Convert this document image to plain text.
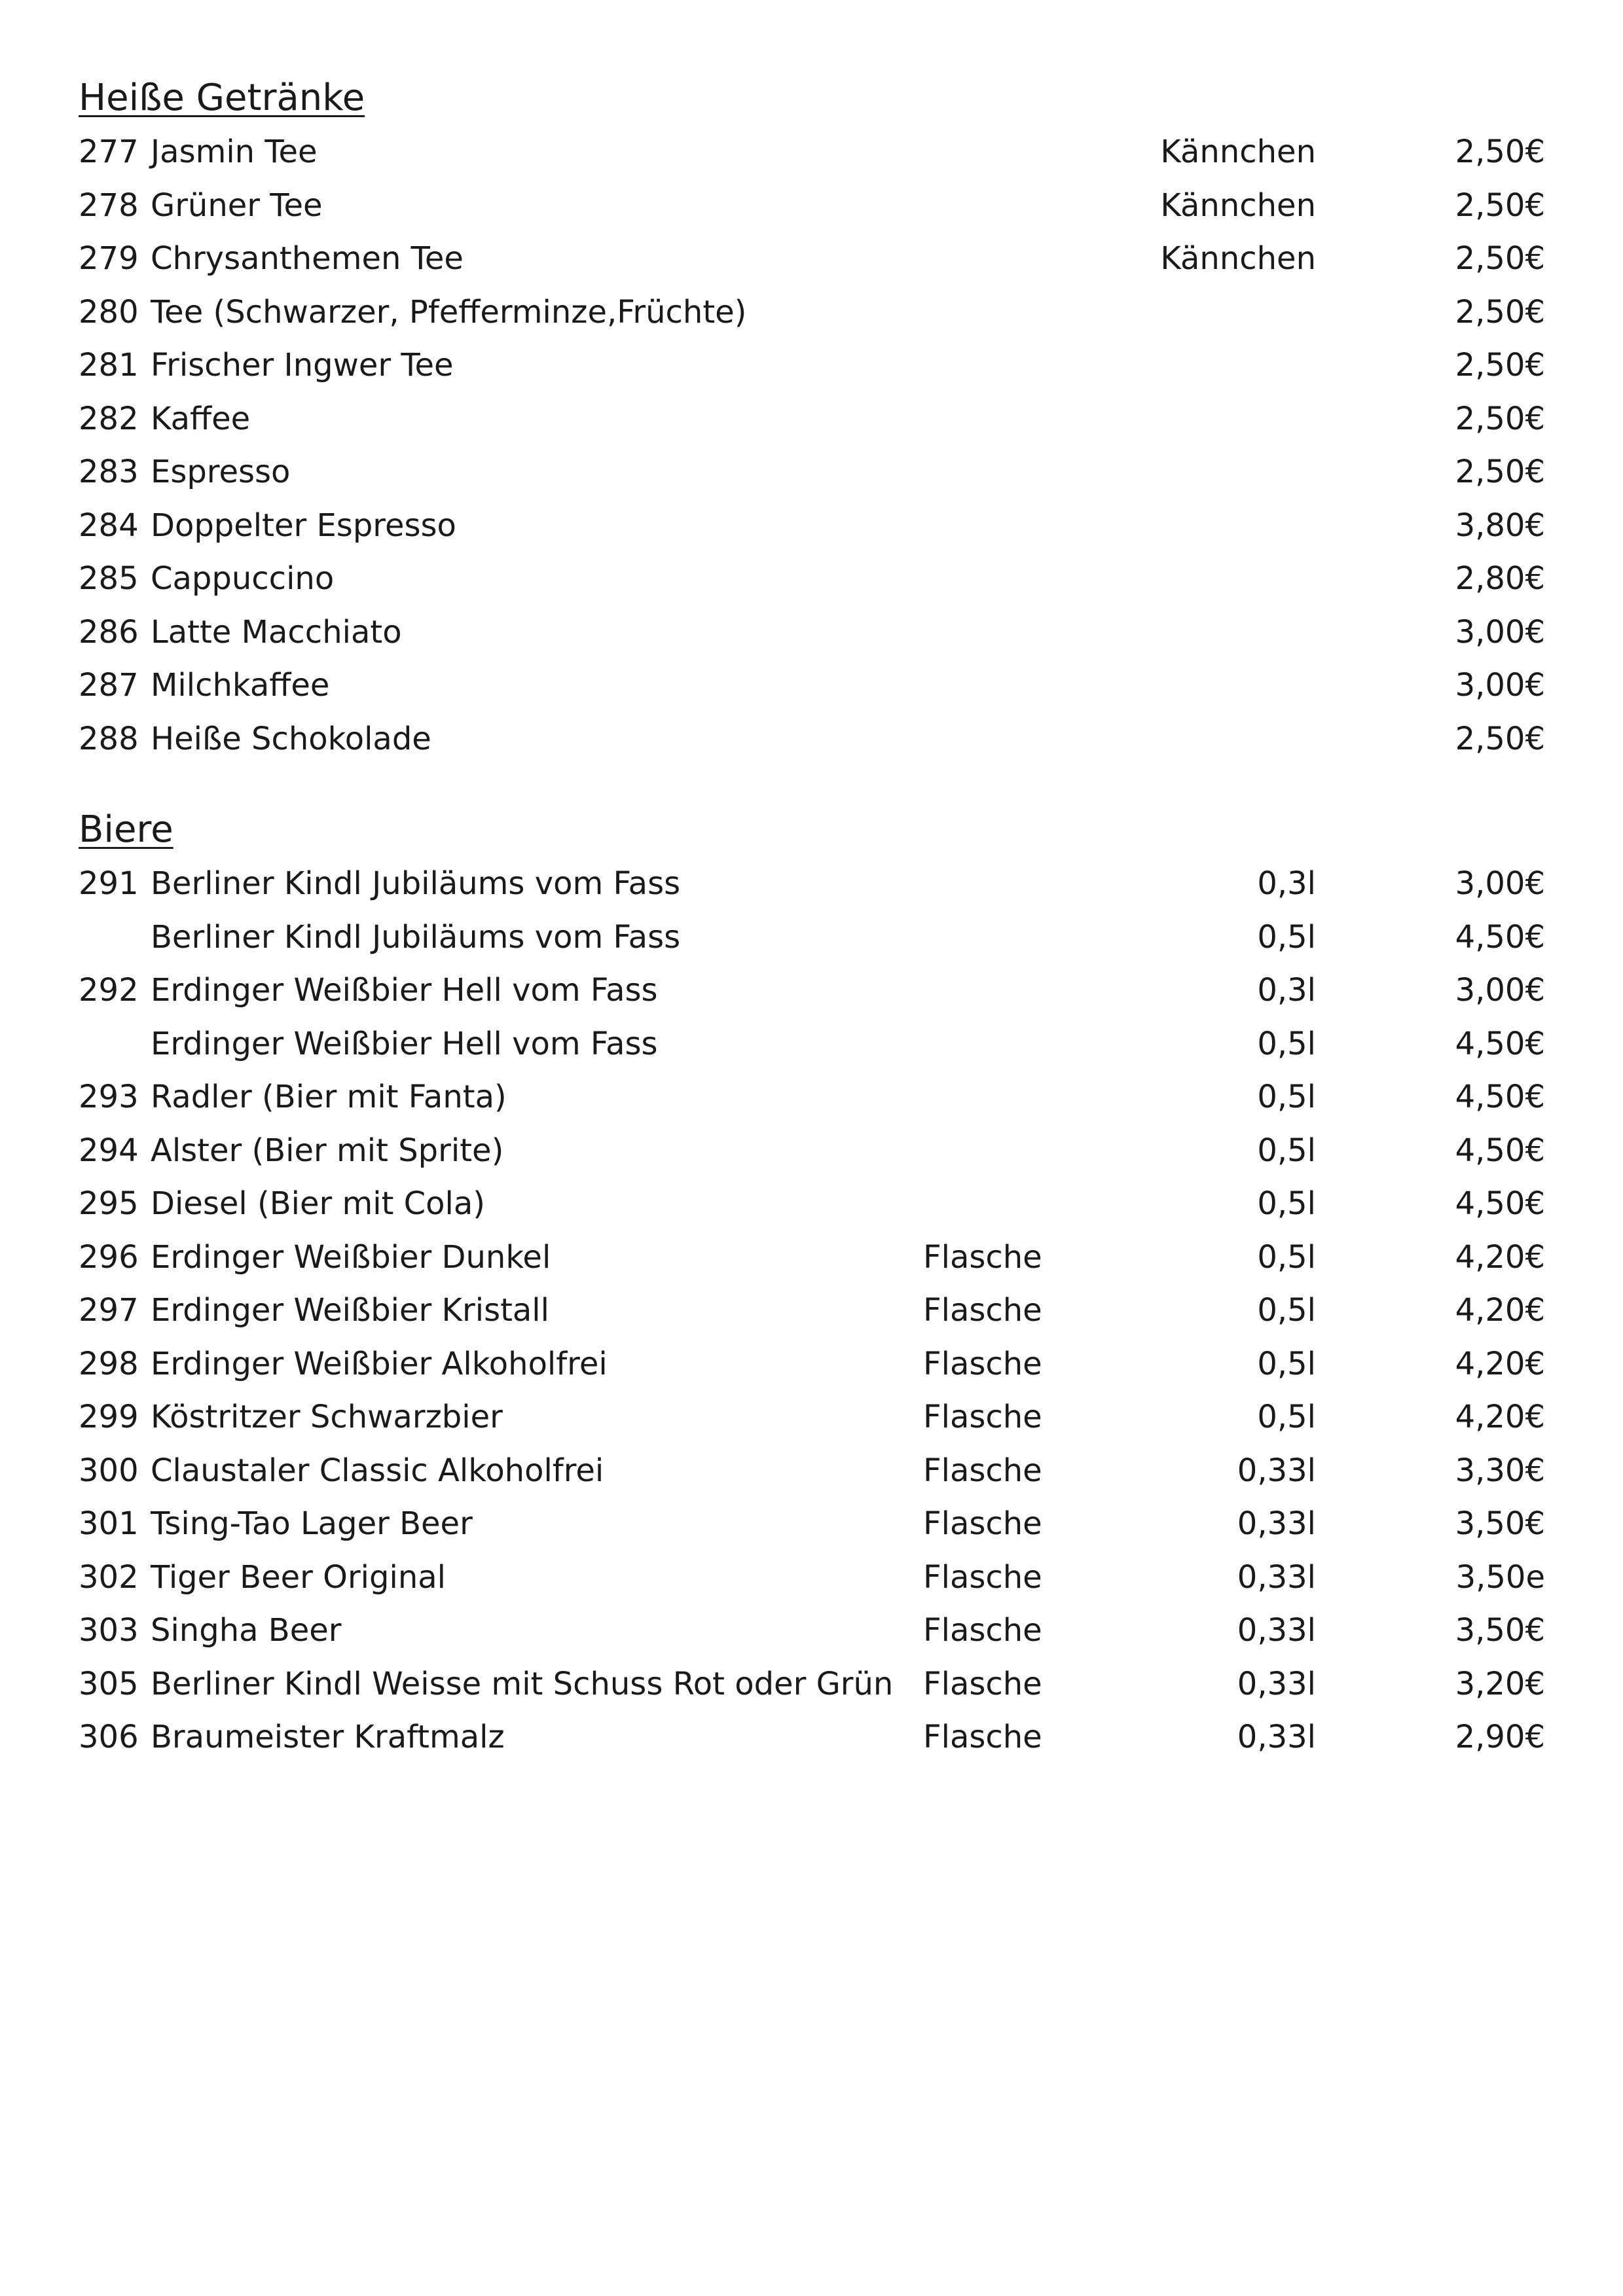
Heiße Getränke
277 Jasmin Tee	Kännchen	2,50€
278 Grüner Tee	Kännchen	2,50€
279 Chrysanthemen Tee	Kännchen	2,50€
280 Tee (Schwarzer, Pfefferminze,Früchte)	2,50€
281 Frischer Ingwer Tee	2,50€
282 Kaffee	2,50€
283 Espresso	2,50€
284 Doppelter Espresso	3,80€
285 Cappuccino	2,80€
286 Latte Macchiato	3,00€
287 Milchkaffee	3,00€
288 Heiße Schokolade	2,50€
Biere
291 Berliner Kindl Jubiläums vom Fass	0,3l	3,00€
Berliner Kindl Jubiläums vom Fass	0,5l	4,50€
292 Erdinger Weißbier Hell vom Fass	0,3l	3,00€
Erdinger Weißbier Hell vom Fass	0,5l	4,50€
293 Radler (Bier mit Fanta)	0,5l	4,50€
294 Alster (Bier mit Sprite)	0,5l	4,50€
295 Diesel (Bier mit Cola)	0,5l	4,50€
296 Erdinger Weißbier Dunkel	Flasche	0,5l	4,20€
297 Erdinger Weißbier Kristall	Flasche	0,5l	4,20€
298 Erdinger Weißbier Alkoholfrei	Flasche	0,5l	4,20€
299 Köstritzer Schwarzbier	Flasche	0,5l	4,20€
300 Claustaler Classic Alkoholfrei	Flasche	0,33l	3,30€
301 Tsing-Tao Lager Beer	Flasche	0,33l	3,50€
302 Tiger Beer Original	Flasche	0,33l	3,50e
303 Singha Beer	Flasche	0,33l	3,50€
305 Berliner Kindl Weisse mit Schuss Rot oder Grün Flasche	0,33l	3,20€
306 Braumeister Kraftmalz	Flasche	0,33l	2,90€
